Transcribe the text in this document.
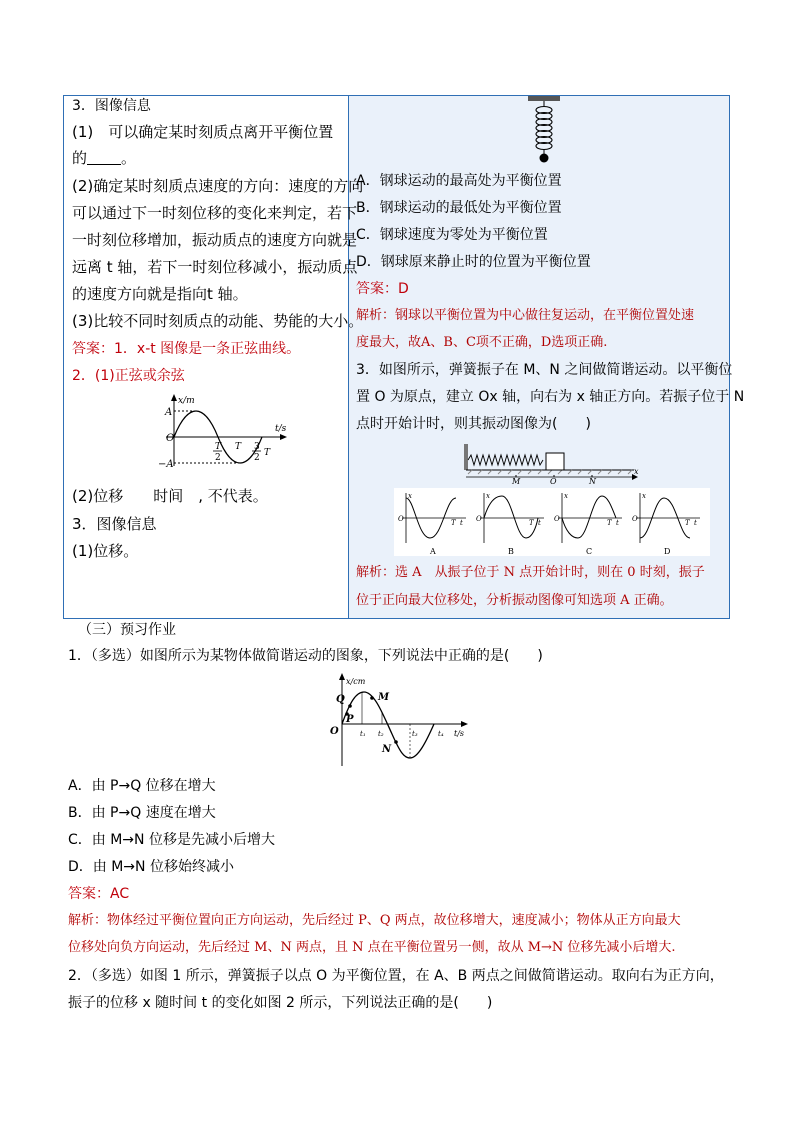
3．图像信息
(1)　可以确定某时刻质点离开平衡位置
的 。
(2)确定某时刻质点速度的方向：速度的方向
可以通过下一时刻位移的变化来判定，若下
一时刻位移增加，振动质点的速度方向就是
远离 t 轴，若下一时刻位移减小，振动质点
的速度方向就是指向t 轴。
(3)比较不同时刻质点的动能、势能的大小。
答案：1．x-t 图像是一条正弦曲线。
2．(1)正弦或余弦
x/m
t/s
O
A
−A
T
2
T 3
2 T
(2)位移　　时间　, 不代表。
3．图像信息
(1)位移。
A．钢球运动的最高处为平衡位置
B．钢球运动的最低处为平衡位置
C．钢球速度为零处为平衡位置
D．钢球原来静止时的位置为平衡位置
答案：D
解析：钢球以平衡位置为中心做往复运动，在平衡位置处速
度最大，故A、B、C项不正确，D选项正确.
3．如图所示，弹簧振子在 M、N 之间做简谐运动。以平衡位
置 O 为原点，建立 Ox 轴，向右为 x 轴正方向。若振子位于 N
点时开始计时，则其振动图像为(　　)
M	O	N
x
x
O	T t
A
x
O	T t
B
x
O	T t
C
x
O	T t
D
解析：选 A　从振子位于 N 点开始计时，则在 0 时刻，振子
位于正向最大位移处，分析振动图像可知选项 A 正确。
（三）预习作业
1．（多选）如图所示为某物体做简谐运动的图象，下列说法中正确的是(　　)
x/cm
t/s
O
Q
P
M
N
t₁ t₂	t₃	t₄
A．由 P→Q 位移在增大
B．由 P→Q 速度在增大
C．由 M→N 位移是先减小后增大
D．由 M→N 位移始终减小
答案：AC
解析：物体经过平衡位置向正方向运动，先后经过 P、Q 两点，故位移增大，速度减小；物体从正方向最大
位移处向负方向运动，先后经过 M、N 两点，且 N 点在平衡位置另一侧，故从 M→N 位移先减小后增大.
2．（多选）如图 1 所示，弹簧振子以点 O 为平衡位置，在 A、B 两点之间做简谐运动。取向右为正方向，
振子的位移 x 随时间 t 的变化如图 2 所示，下列说法正确的是(　　)
